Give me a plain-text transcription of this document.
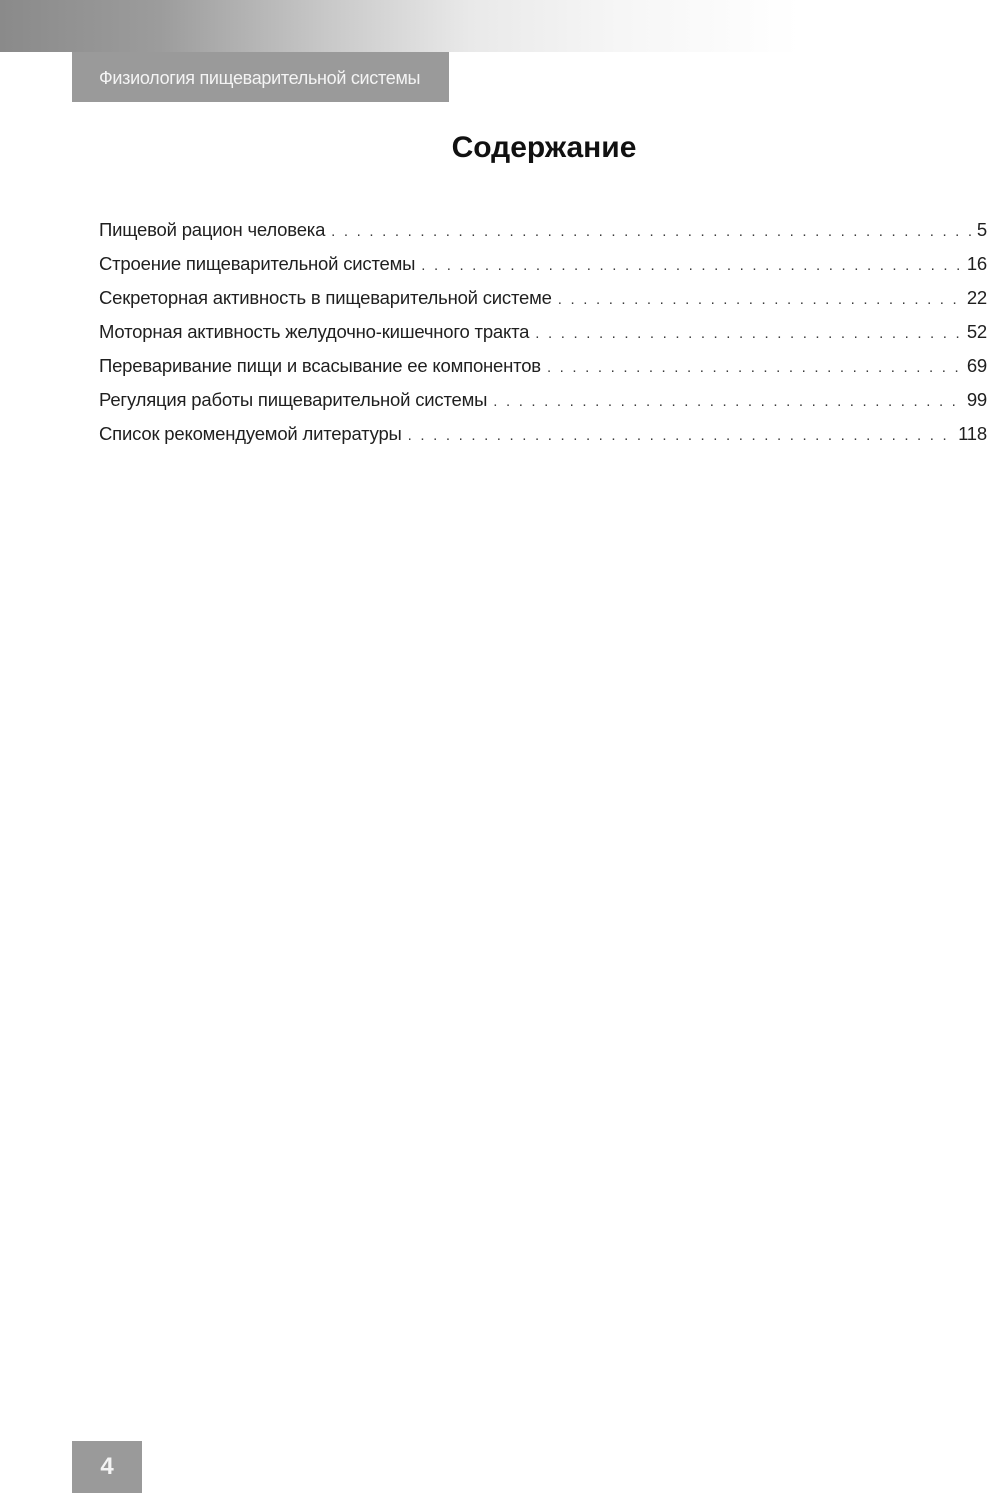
Физиология пищеварительной системы
Содержание
Пищевой рацион человека . . .	5
Строение пищеварительной системы . . .	16
Секреторная активность в пищеварительной системе . . .	22
Моторная активность желудочно-кишечного тракта . . .	52
Переваривание пищи и всасывание ее компонентов . . .	69
Регуляция работы пищеварительной системы . . .	99
Список рекомендуемой литературы . . .	118
4
